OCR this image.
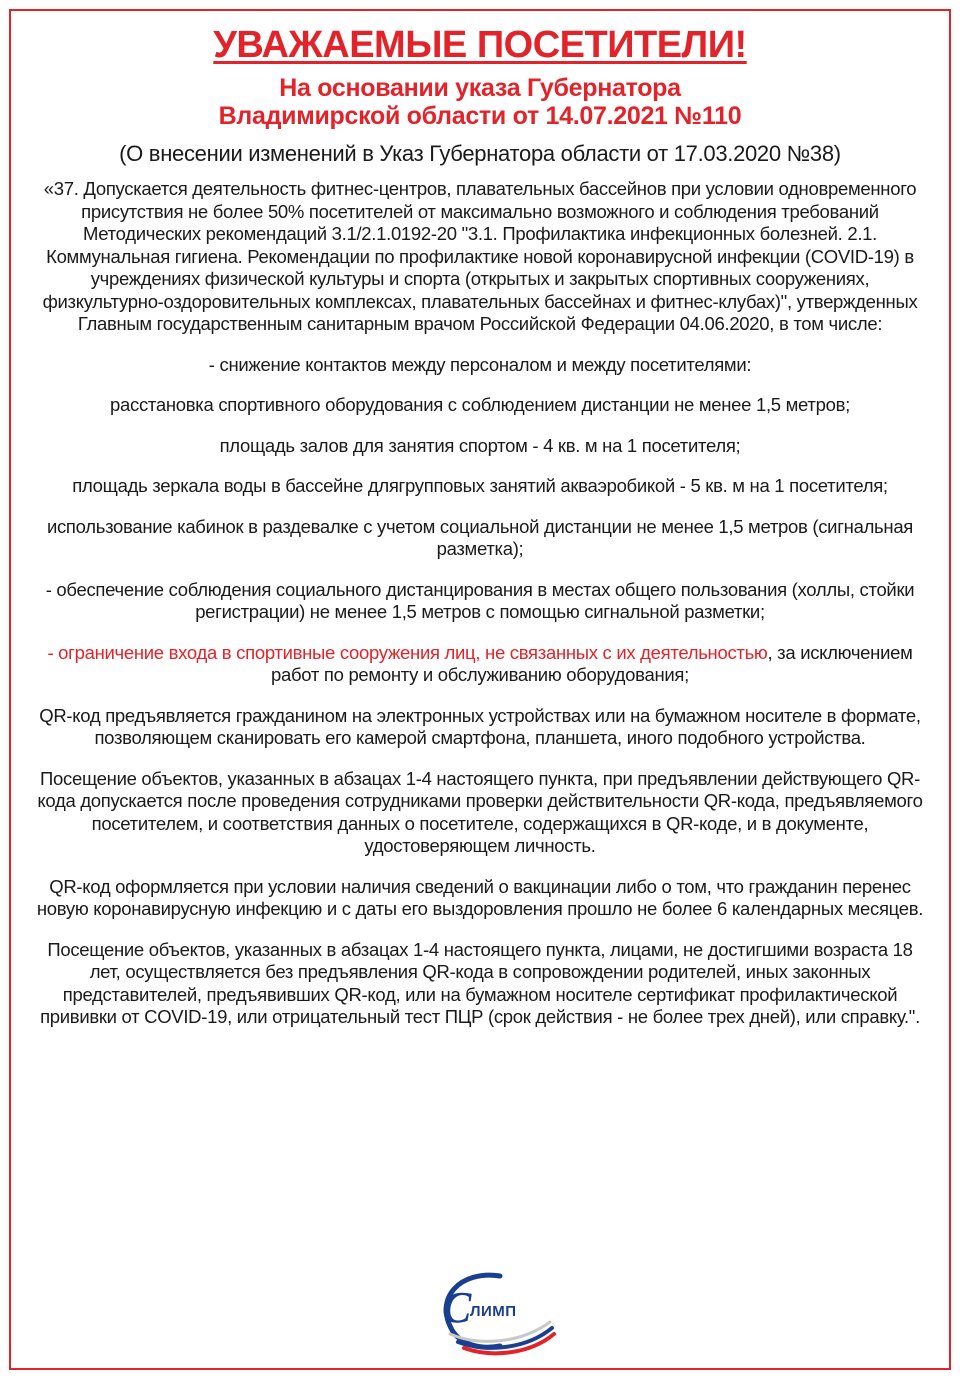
УВАЖАЕМЫЕ ПОСЕТИТЕЛИ!

На основании указа Губернатора
Владимирской области от 14.07.2021 №110

(О внесении изменений в Указ Губернатора области от 17.03.2020 №38)

«37. Допускается деятельность фитнес-центров, плавательных бассейнов при условии одновременного присутствия не более 50% посетителей от максимально возможного и соблюдения требований Методических рекомендаций 3.1/2.1.0192-20 "3.1. Профилактика инфекционных болезней. 2.1. Коммунальная гигиена. Рекомендации по профилактике новой коронавирусной инфекции (COVID-19) в учреждениях физической культуры и спорта (открытых и закрытых спортивных сооружениях, физкультурно-оздоровительных комплексах, плавательных бассейнах и фитнес-клубах)", утвержденных Главным государственным санитарным врачом Российской Федерации 04.06.2020, в том числе:

- снижение контактов между персоналом и между посетителями:

расстановка спортивного оборудования с соблюдением дистанции не менее 1,5 метров;

площадь залов для занятия спортом - 4 кв. м на 1 посетителя;

площадь зеркала воды в бассейне длягрупповых занятий акваэробикой - 5 кв. м на 1 посетителя;

использование кабинок в раздевалке с учетом социальной дистанции не менее 1,5 метров (сигнальная разметка);

- обеспечение соблюдения социального дистанцирования в местах общего пользования (холлы, стойки регистрации) не менее 1,5 метров с помощью сигнальной разметки;

- ограничение входа в спортивные сооружения лиц, не связанных с их деятельностью, за исключением работ по ремонту и обслуживанию оборудования;

QR-код предъявляется гражданином на электронных устройствах или на бумажном носителе в формате, позволяющем сканировать его камерой смартфона, планшета, иного подобного устройства.

Посещение объектов, указанных в абзацах 1-4 настоящего пункта, при предъявлении действующего QR-кода допускается после проведения сотрудниками проверки действительности QR-кода, предъявляемого посетителем, и соответствия данных о посетителе, содержащихся в QR-коде, и в документе, удостоверяющем личность.

QR-код оформляется при условии наличия сведений о вакцинации либо о том, что гражданин перенес новую коронавирусную инфекцию и с даты его выздоровления прошло не более 6 календарных месяцев.

Посещение объектов, указанных в абзацах 1-4 настоящего пункта, лицами, не достигшими возраста 18 лет, осуществляется без предъявления QR-кода в сопровождении родителей, иных законных представителей, предъявивших QR-код, или на бумажном носителе сертификат профилактической прививки от COVID-19, или отрицательный тест ПЦР (срок действия - не более трех дней), или справку.".

С
ЛИМП
